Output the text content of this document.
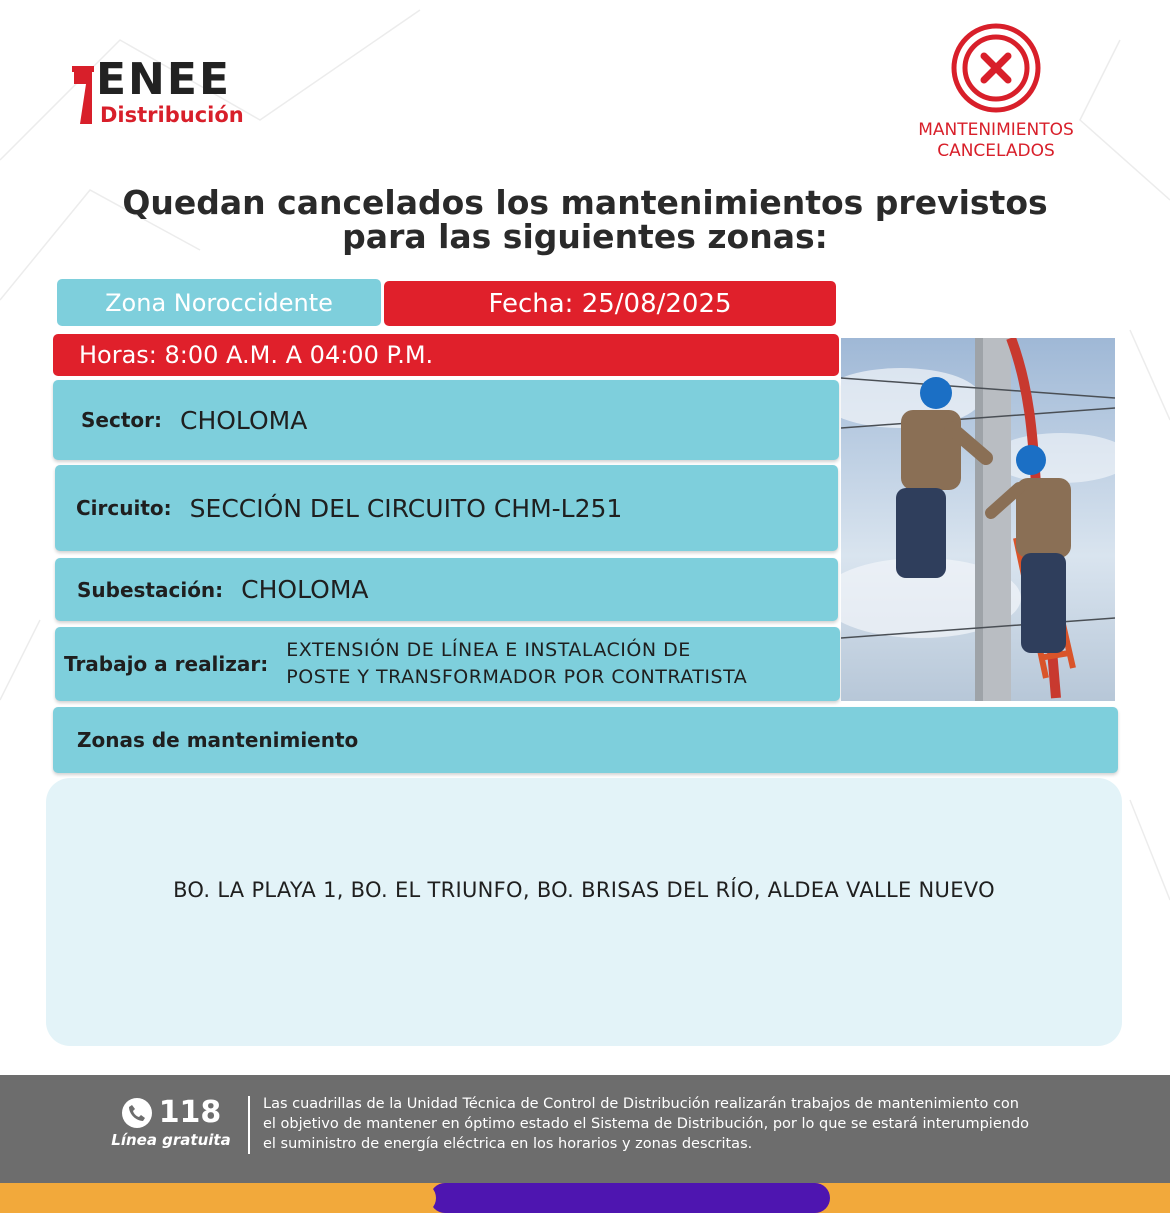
ENEE
Distribución
MANTENIMIENTOS
CANCELADOS
Quedan cancelados los mantenimientos previstos
para las siguientes zonas:
Zona Noroccidente	Fecha: 25/08/2025
Horas: 8:00 A.M. A 04:00 P.M.
Sector: CHOLOMA
Circuito: SECCIÓN DEL CIRCUITO CHM-L251
Subestación: CHOLOMA
Trabajo a realizar:
EXTENSIÓN DE LÍNEA E INSTALACIÓN DE
POSTE Y TRANSFORMADOR POR CONTRATISTA
Zonas de mantenimiento
BO. LA PLAYA 1, BO. EL TRIUNFO, BO. BRISAS DEL RÍO, ALDEA VALLE NUEVO
118
Línea gratuita
Las cuadrillas de la Unidad Técnica de Control de Distribución realizarán trabajos de mantenimiento con
el objetivo de mantener en óptimo estado el Sistema de Distribución, por lo que se estará interumpiendo
el suministro de energía eléctrica en los horarios y zonas descritas.
